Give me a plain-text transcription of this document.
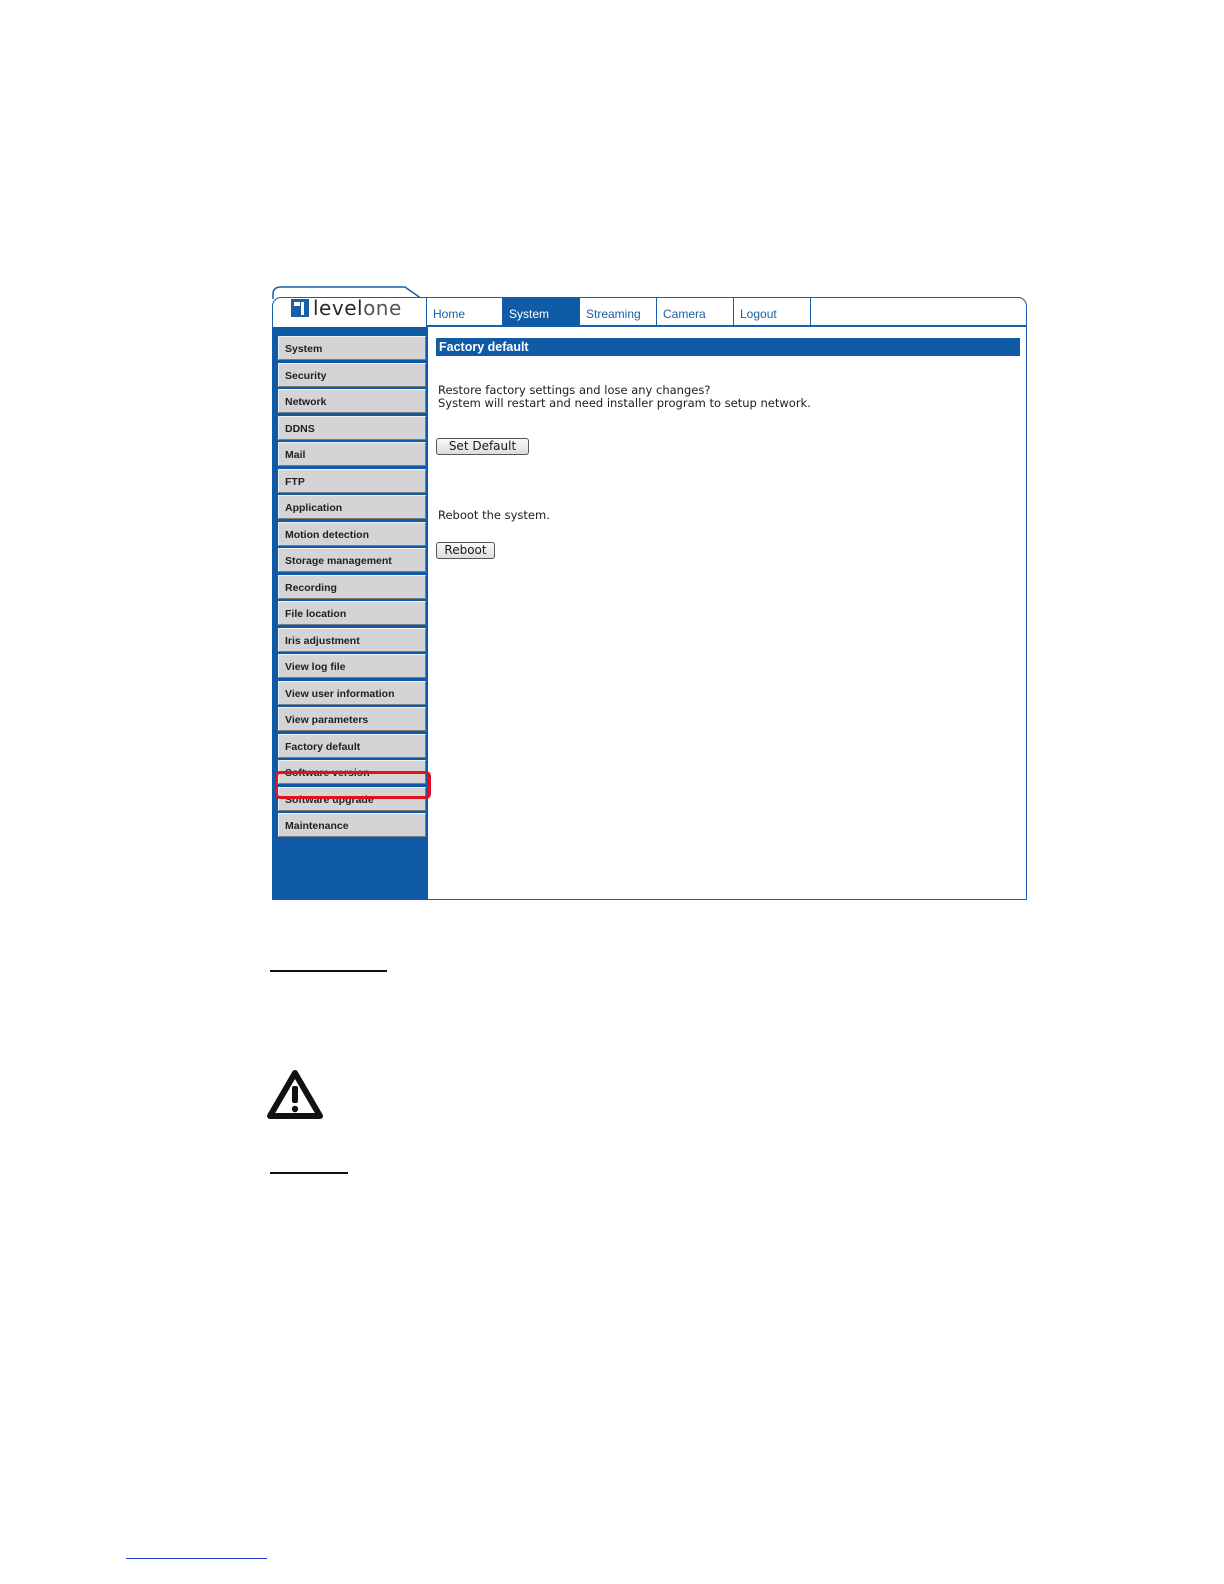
levelone	Home	System	Streaming	Camera	Logout
System
Security
Network
DDNS
Mail
FTP
Application
Motion detection
Storage management
Recording
File location
Iris adjustment
View log file
View user information
View parameters
Factory default
Software version
Software upgrade
Maintenance
Factory default
Restore factory settings and lose any changes?
System will restart and need installer program to setup network.
Set Default
Reboot the system.
Reboot
